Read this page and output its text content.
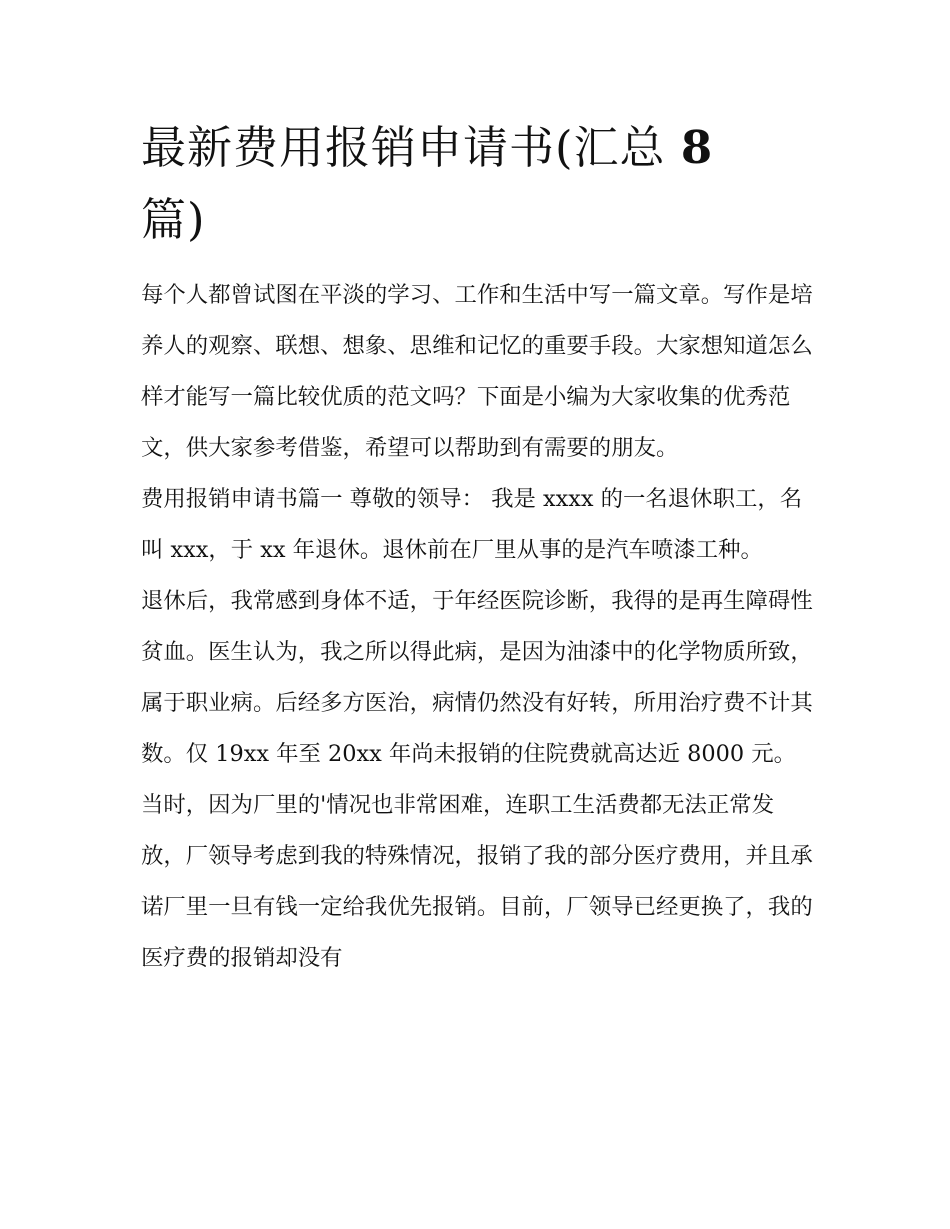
最新费用报销申请书(汇总 8
篇)

每个人都曾试图在平淡的学习、工作和生活中写一篇文章。写作是培养人的观察、联想、想象、思维和记忆的重要手段。大家想知道怎么样才能写一篇比较优质的范文吗？下面是小编为大家收集的优秀范文，供大家参考借鉴，希望可以帮助到有需要的朋友。

费用报销申请书篇一 尊敬的领导： 我是 xxxx 的一名退休职工，名叫 xxx，于 xx 年退休。退休前在厂里从事的是汽车喷漆工种。

退休后，我常感到身体不适，于年经医院诊断，我得的是再生障碍性贫血。医生认为，我之所以得此病，是因为油漆中的化学物质所致，属于职业病。后经多方医治，病情仍然没有好转，所用治疗费不计其数。仅 19xx 年至 20xx 年尚未报销的住院费就高达近 8000 元。当时，因为厂里的'情况也非常困难，连职工生活费都无法正常发放，厂领导考虑到我的特殊情况，报销了我的部分医疗费用，并且承诺厂里一旦有钱一定给我优先报销。目前，厂领导已经更换了，我的医疗费的报销却没有
